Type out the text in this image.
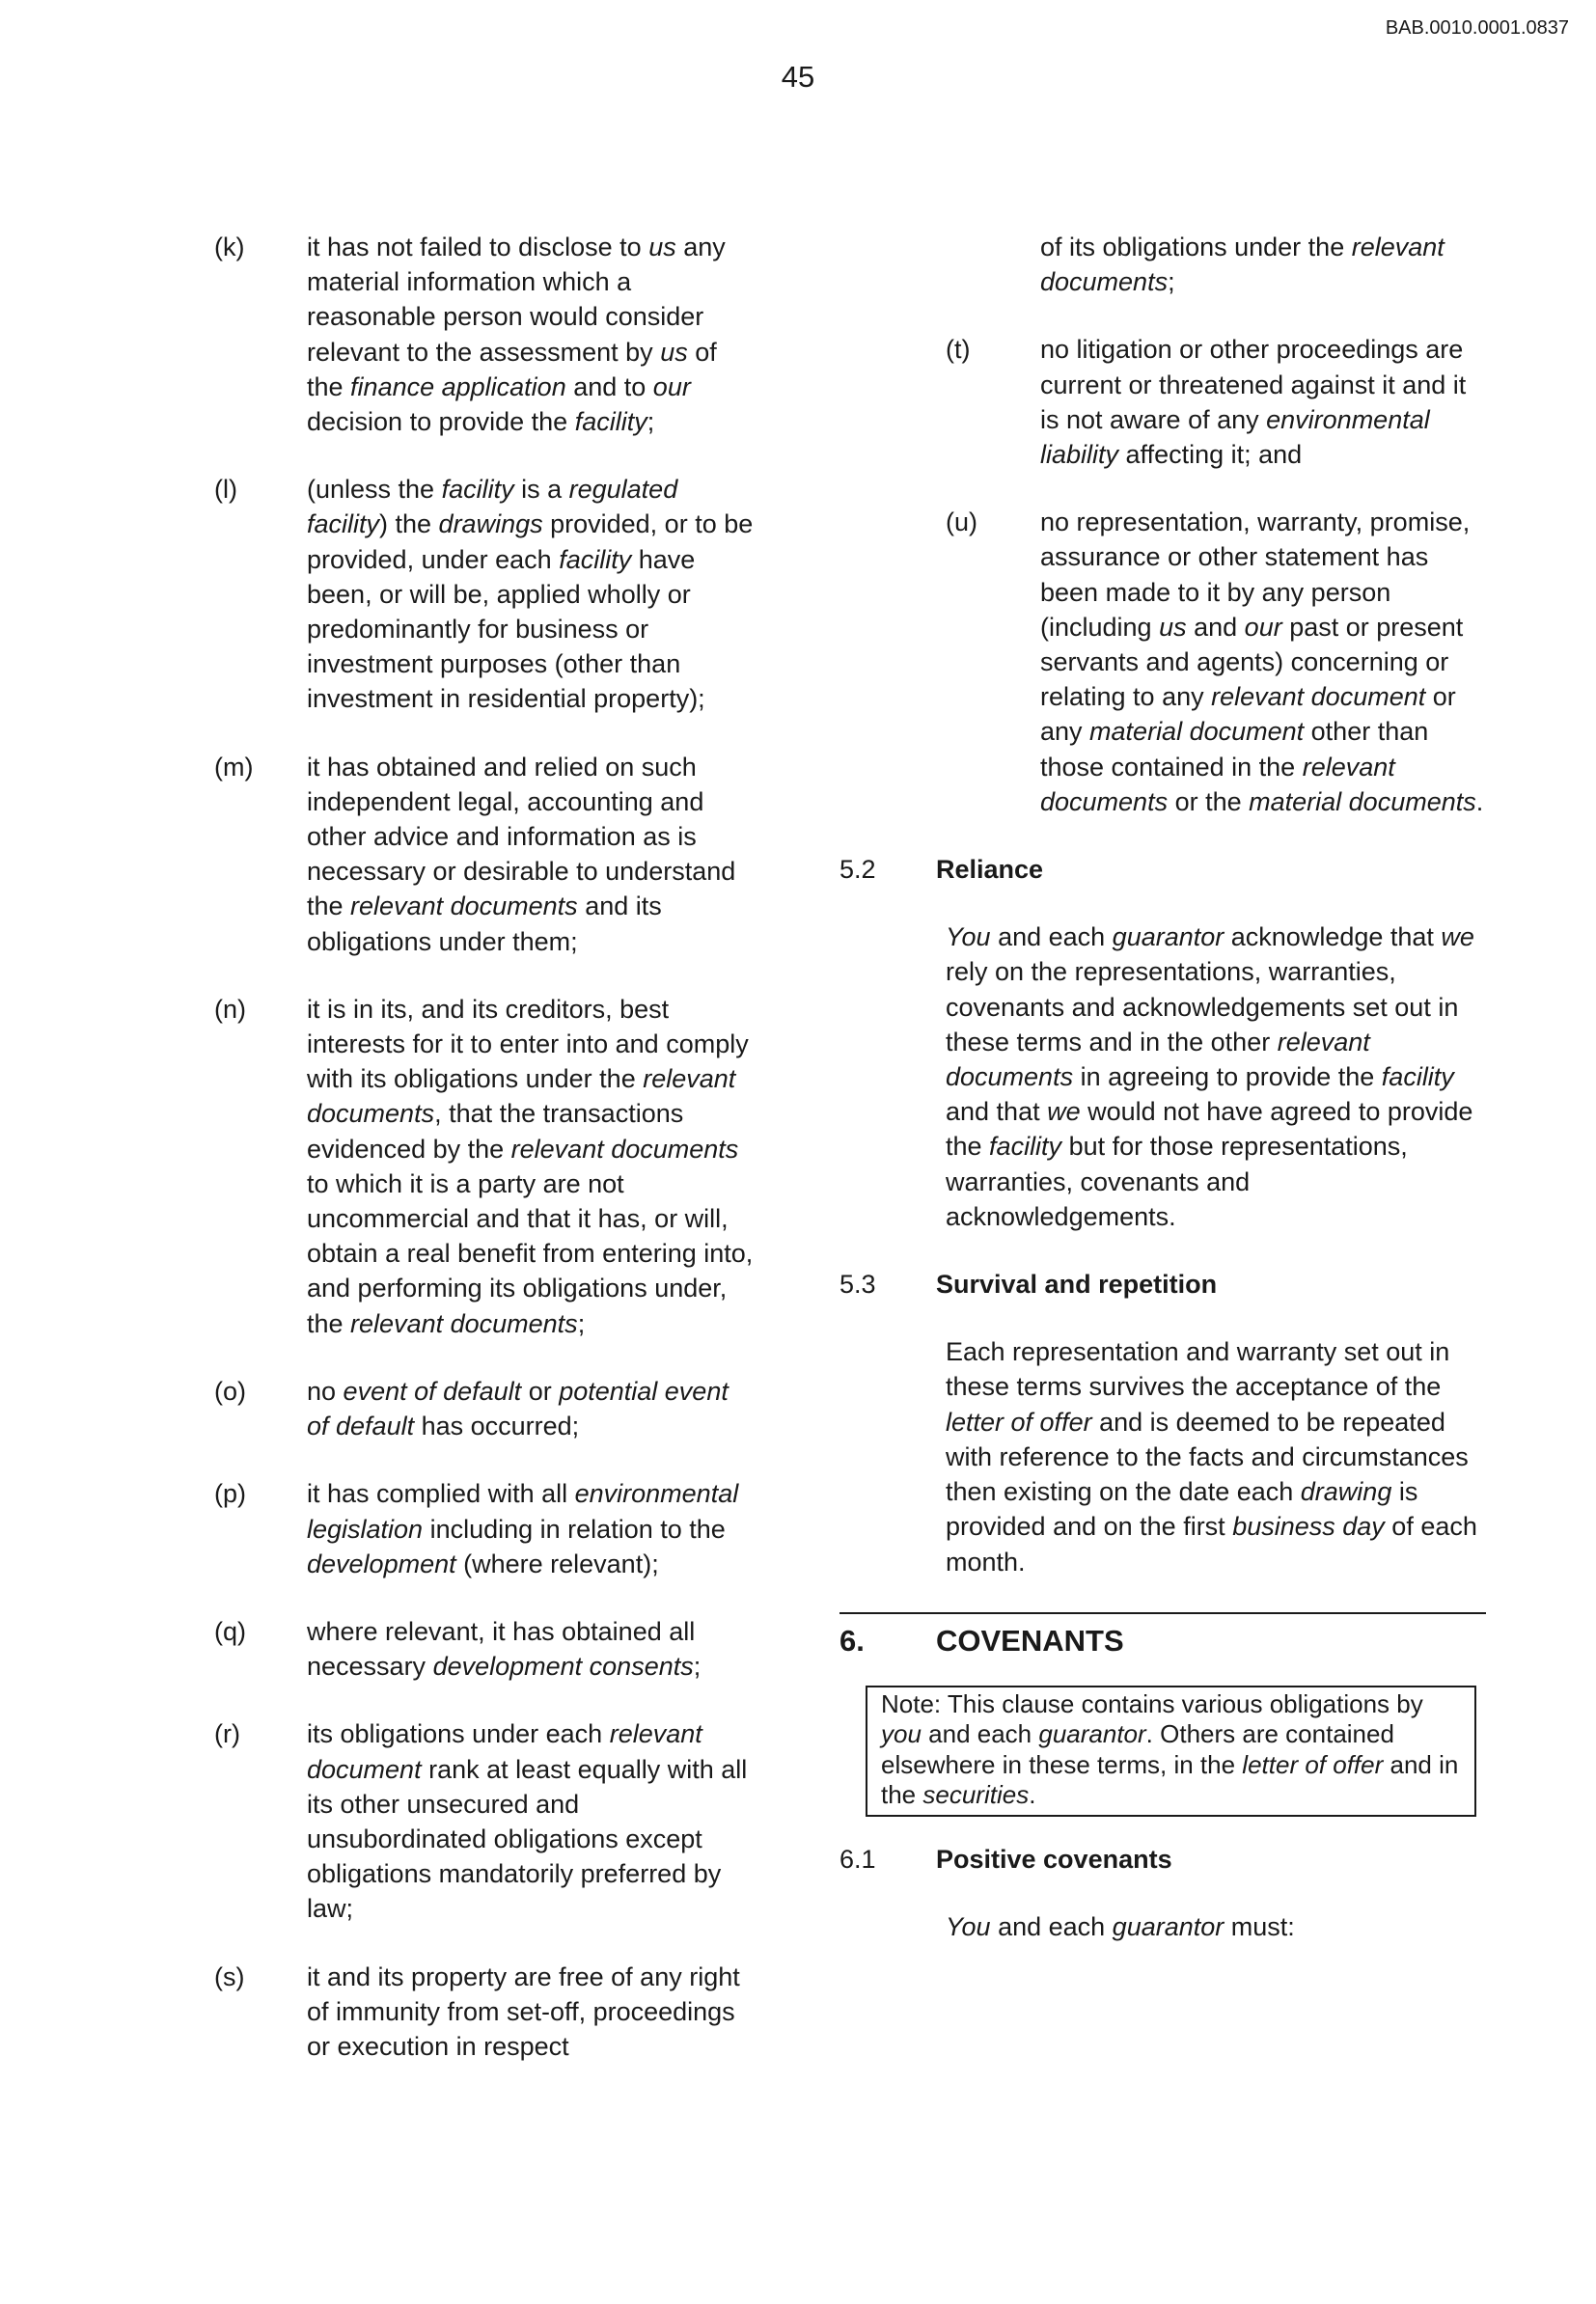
BAB.0010.0001.0837
45
(k) it has not failed to disclose to us any material information which a reasonable person would consider relevant to the assessment by us of the finance application and to our decision to provide the facility;
(l)	(unless the facility is a regulated facility) the drawings provided, or to be provided, under each facility have been, or will be, applied wholly or predominantly for business or investment purposes (other than investment in residential property);
(m) it has obtained and relied on such independent legal, accounting and other advice and information as is necessary or desirable to understand the relevant documents and its obligations under them;
(n) it is in its, and its creditors, best interests for it to enter into and comply with its obligations under the relevant documents, that the transactions evidenced by the relevant documents to which it is a party are not uncommercial and that it has, or will, obtain a real benefit from entering into, and performing its obligations under, the relevant documents;
(o) no event of default or potential event of default has occurred;
(p) it has complied with all environmental legislation including in relation to the development (where relevant);
(q) where relevant, it has obtained all necessary development consents;
(r)	its obligations under each relevant document rank at least equally with all its other unsecured and unsubordinated obligations except obligations mandatorily preferred by law;
(s) it and its property are free of any right of immunity from set-off, proceedings or execution in respect
of its obligations under the relevant documents;
(t)	no litigation or other proceedings are current or threatened against it and it is not aware of any environmental liability affecting it; and
(u) no representation, warranty, promise, assurance or other statement has been made to it by any person (including us and our past or present servants and agents) concerning or relating to any relevant document or any material document other than those contained in the relevant documents or the material documents.
5.2 Reliance
You and each guarantor acknowledge that we rely on the representations, warranties, covenants and acknowledgements set out in these terms and in the other relevant documents in agreeing to provide the facility and that we would not have agreed to provide the facility but for those representations, warranties, covenants and acknowledgements.
5.3 Survival and repetition
Each representation and warranty set out in these terms survives the acceptance of the letter of offer and is deemed to be repeated with reference to the facts and circumstances then existing on the date each drawing is provided and on the first business day of each month.
6. COVENANTS
Note: This clause contains various obligations by you and each guarantor. Others are contained elsewhere in these terms, in the letter of offer and in the securities.
6.1 Positive covenants
You and each guarantor must:
